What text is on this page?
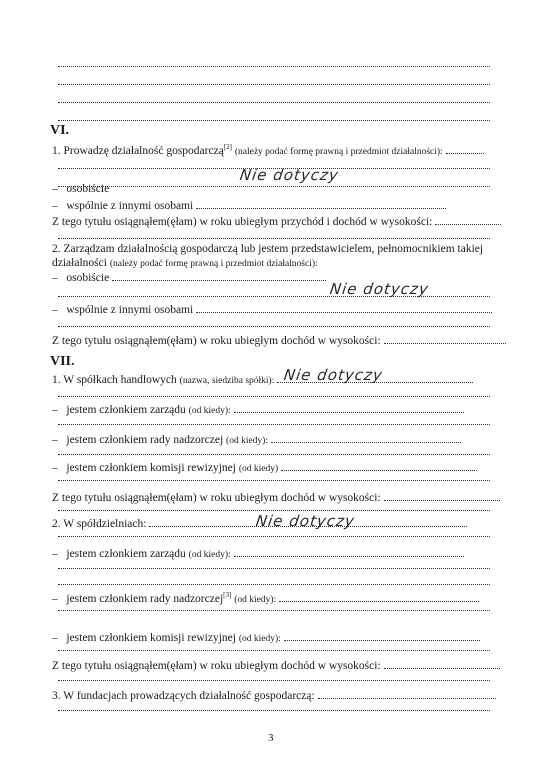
VI.
1. Prowadzę działalność gospodarczą[2] (należy podać formę prawną i przedmiot działalności):
Nie dotyczy
–   osobiście
–   wspólnie z innymi osobami
Z tego tytułu osiągnąłem(ęłam) w roku ubiegłym przychód i dochód w wysokości:
2. Zarządzam działalnością gospodarczą lub jestem przedstawicielem, pełnomocnikiem takiej
działalności (należy podać formę prawną i przedmiot działalności):
–   osobiście
Nie dotyczy
–   wspólnie z innymi osobami
Z tego tytułu osiągnąłem(ęłam) w roku ubiegłym dochód w wysokości:
VII.
1. W spółkach handlowych (nazwa, siedziba spółki): Nie dotyczy
–   jestem członkiem zarządu (od kiedy):
–   jestem członkiem rady nadzorczej (od kiedy):
–   jestem członkiem komisji rewizyjnej (od kiedy)
Z tego tytułu osiągnąłem(ęłam) w roku ubiegłym dochód w wysokości:
2. W spółdzielniach:	Nie dotyczy
–   jestem członkiem zarządu (od kiedy):
–   jestem członkiem rady nadzorczej[3] (od kiedy):
–   jestem członkiem komisji rewizyjnej (od kiedy):
Z tego tytułu osiągnąłem(ęłam) w roku ubiegłym dochód w wysokości:
3. W fundacjach prowadzących działalność gospodarczą:
3
